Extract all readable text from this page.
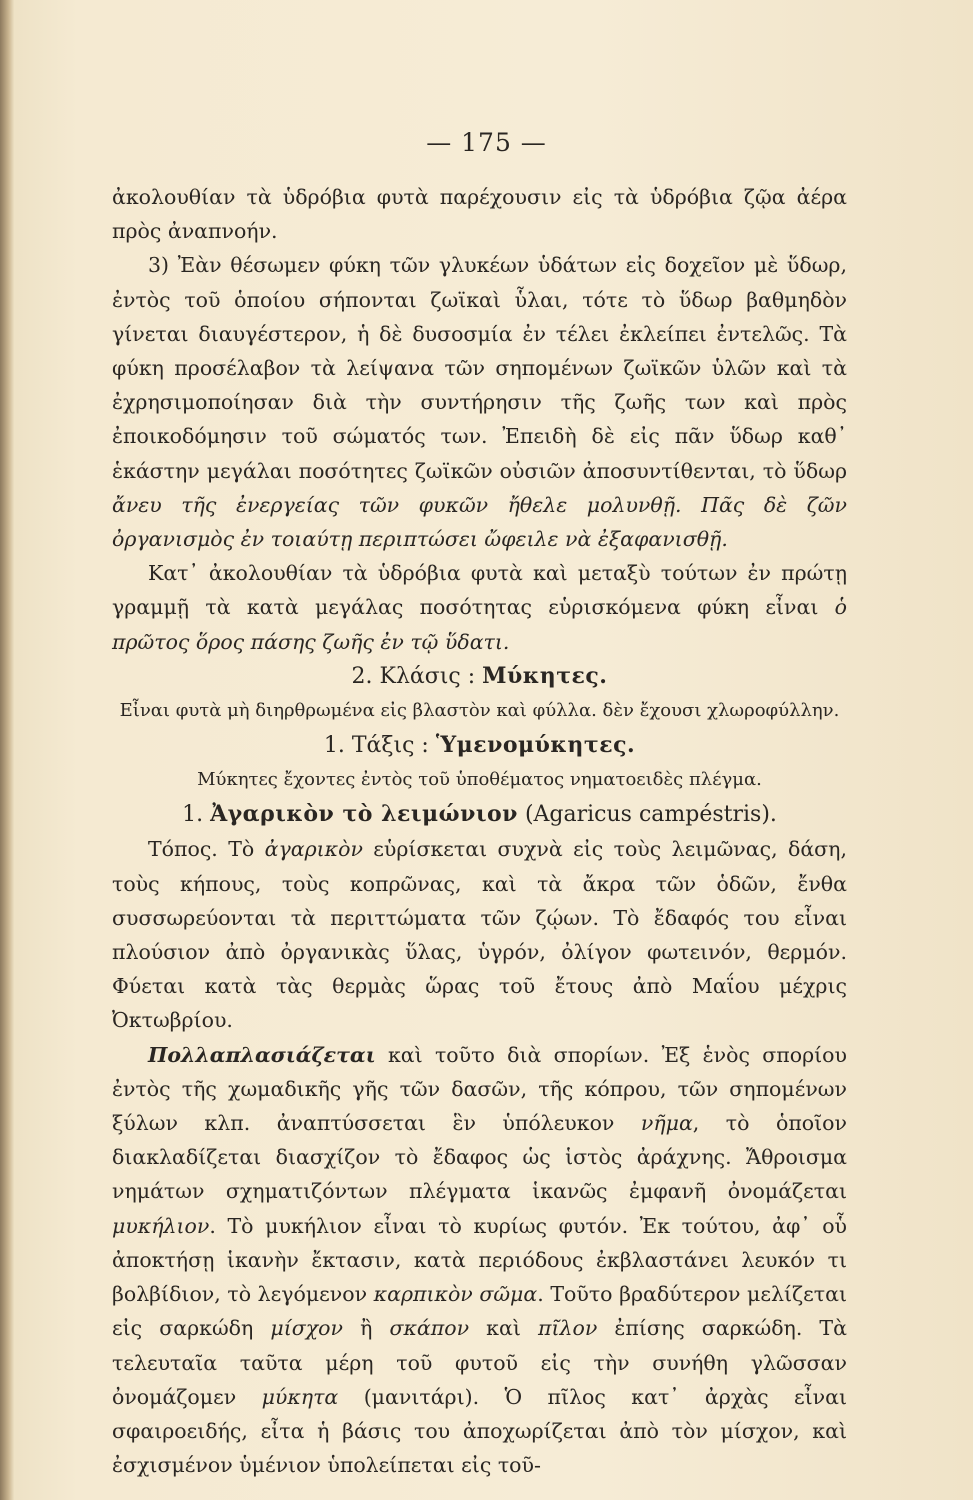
— 175 —

ἀκολουθίαν τὰ ὑδρόβια φυτὰ παρέχουσιν εἰς τὰ ὑδρόβια ζῷα ἀέρα πρὸς ἀναπνοήν.

3) Ἐὰν θέσωμεν φύκη τῶν γλυκέων ὑδάτων εἰς δοχεῖον μὲ ὕδωρ, ἐντὸς τοῦ ὁποίου σήπονται ζωϊκαὶ ὗλαι, τότε τὸ ὕδωρ βαθμηδὸν γίνεται διαυγέστερον, ἡ δὲ δυσοσμία ἐν τέλει ἐκλείπει ἐντελῶς. Τὰ φύκη προσέλαβον τὰ λείψανα τῶν σηπομένων ζωϊκῶν ὑλῶν καὶ τὰ ἐχρησιμοποίησαν διὰ τὴν συντήρησιν τῆς ζωῆς των καὶ πρὸς ἐποικοδόμησιν τοῦ σώματός των. Ἐπειδὴ δὲ εἰς πᾶν ὕδωρ καθ᾽ ἑκάστην μεγάλαι ποσότητες ζωϊκῶν οὐσιῶν ἀποσυντίθενται, τὸ ὕδωρ ἄνευ τῆς ἐνεργείας τῶν φυκῶν ἤθελε μολυνθῇ. Πᾶς δὲ ζῶν ὀργανισμὸς ἐν τοιαύτῃ περιπτώσει ὤφειλε νὰ ἐξαφανισθῇ.

Κατ᾽ ἀκολουθίαν τὰ ὑδρόβια φυτὰ καὶ μεταξὺ τούτων ἐν πρώτῃ γραμμῇ τὰ κατὰ μεγάλας ποσότητας εὑρισκόμενα φύκη εἶναι ὁ πρῶτος ὅρος πάσης ζωῆς ἐν τῷ ὕδατι.

2. Κλάσις : Μύκητες.

Εἶναι φυτὰ μὴ διηρθρωμένα εἰς βλαστὸν καὶ φύλλα. δὲν ἔχουσι χλωροφύλλην.

1. Τάξις : Ὑμενομύκητες.

Μύκητες ἔχοντες ἐντὸς τοῦ ὑποθέματος νηματοειδὲς πλέγμα.

1. Ἀγαρικὸν τὸ λειμώνιον (Agaricus campéstris).

Τόπος. Τὸ ἀγαρικὸν εὑρίσκεται συχνὰ εἰς τοὺς λειμῶνας, δάση, τοὺς κήπους, τοὺς κοπρῶνας, καὶ τὰ ἄκρα τῶν ὁδῶν, ἔνθα συσσωρεύονται τὰ περιττώματα τῶν ζῴων. Τὸ ἔδαφός του εἶναι πλούσιον ἀπὸ ὀργανικὰς ὕλας, ὑγρόν, ὀλίγον φωτεινόν, θερμόν. Φύεται κατὰ τὰς θερμὰς ὥρας τοῦ ἔτους ἀπὸ Μαΐου μέχρις Ὀκτωβρίου.

Πολλαπλασιάζεται καὶ τοῦτο διὰ σπορίων. Ἐξ ἑνὸς σπορίου ἐντὸς τῆς χωμαδικῆς γῆς τῶν δασῶν, τῆς κόπρου, τῶν σηπομένων ξύλων κλπ. ἀναπτύσσεται ἓν ὑπόλευκον νῆμα, τὸ ὁποῖον διακλαδίζεται διασχίζον τὸ ἔδαφος ὡς ἱστὸς ἀράχνης. Ἄθροισμα νημάτων σχηματιζόντων πλέγματα ἱκανῶς ἐμφανῆ ὀνομάζεται μυκήλιον. Τὸ μυκήλιον εἶναι τὸ κυρίως φυτόν. Ἐκ τούτου, ἀφ᾽ οὗ ἀποκτήσῃ ἱκανὴν ἔκτασιν, κατὰ περιόδους ἐκβλαστάνει λευκόν τι βολβίδιον, τὸ λεγόμενον καρπικὸν σῶμα. Τοῦτο βραδύτερον μελίζεται εἰς σαρκώδη μίσχον ἢ σκάπον καὶ πῖλον ἐπίσης σαρκώδη. Τὰ τελευταῖα ταῦτα μέρη τοῦ φυτοῦ εἰς τὴν συνήθη γλῶσσαν ὀνομάζομεν μύκητα (μανιτάρι). Ὁ πῖλος κατ᾽ ἀρχὰς εἶναι σφαιροειδής, εἶτα ἡ βάσις του ἀποχωρίζεται ἀπὸ τὸν μίσχον, καὶ ἐσχισμένον ὑμένιον ὑπολείπεται εἰς τοῦ-
